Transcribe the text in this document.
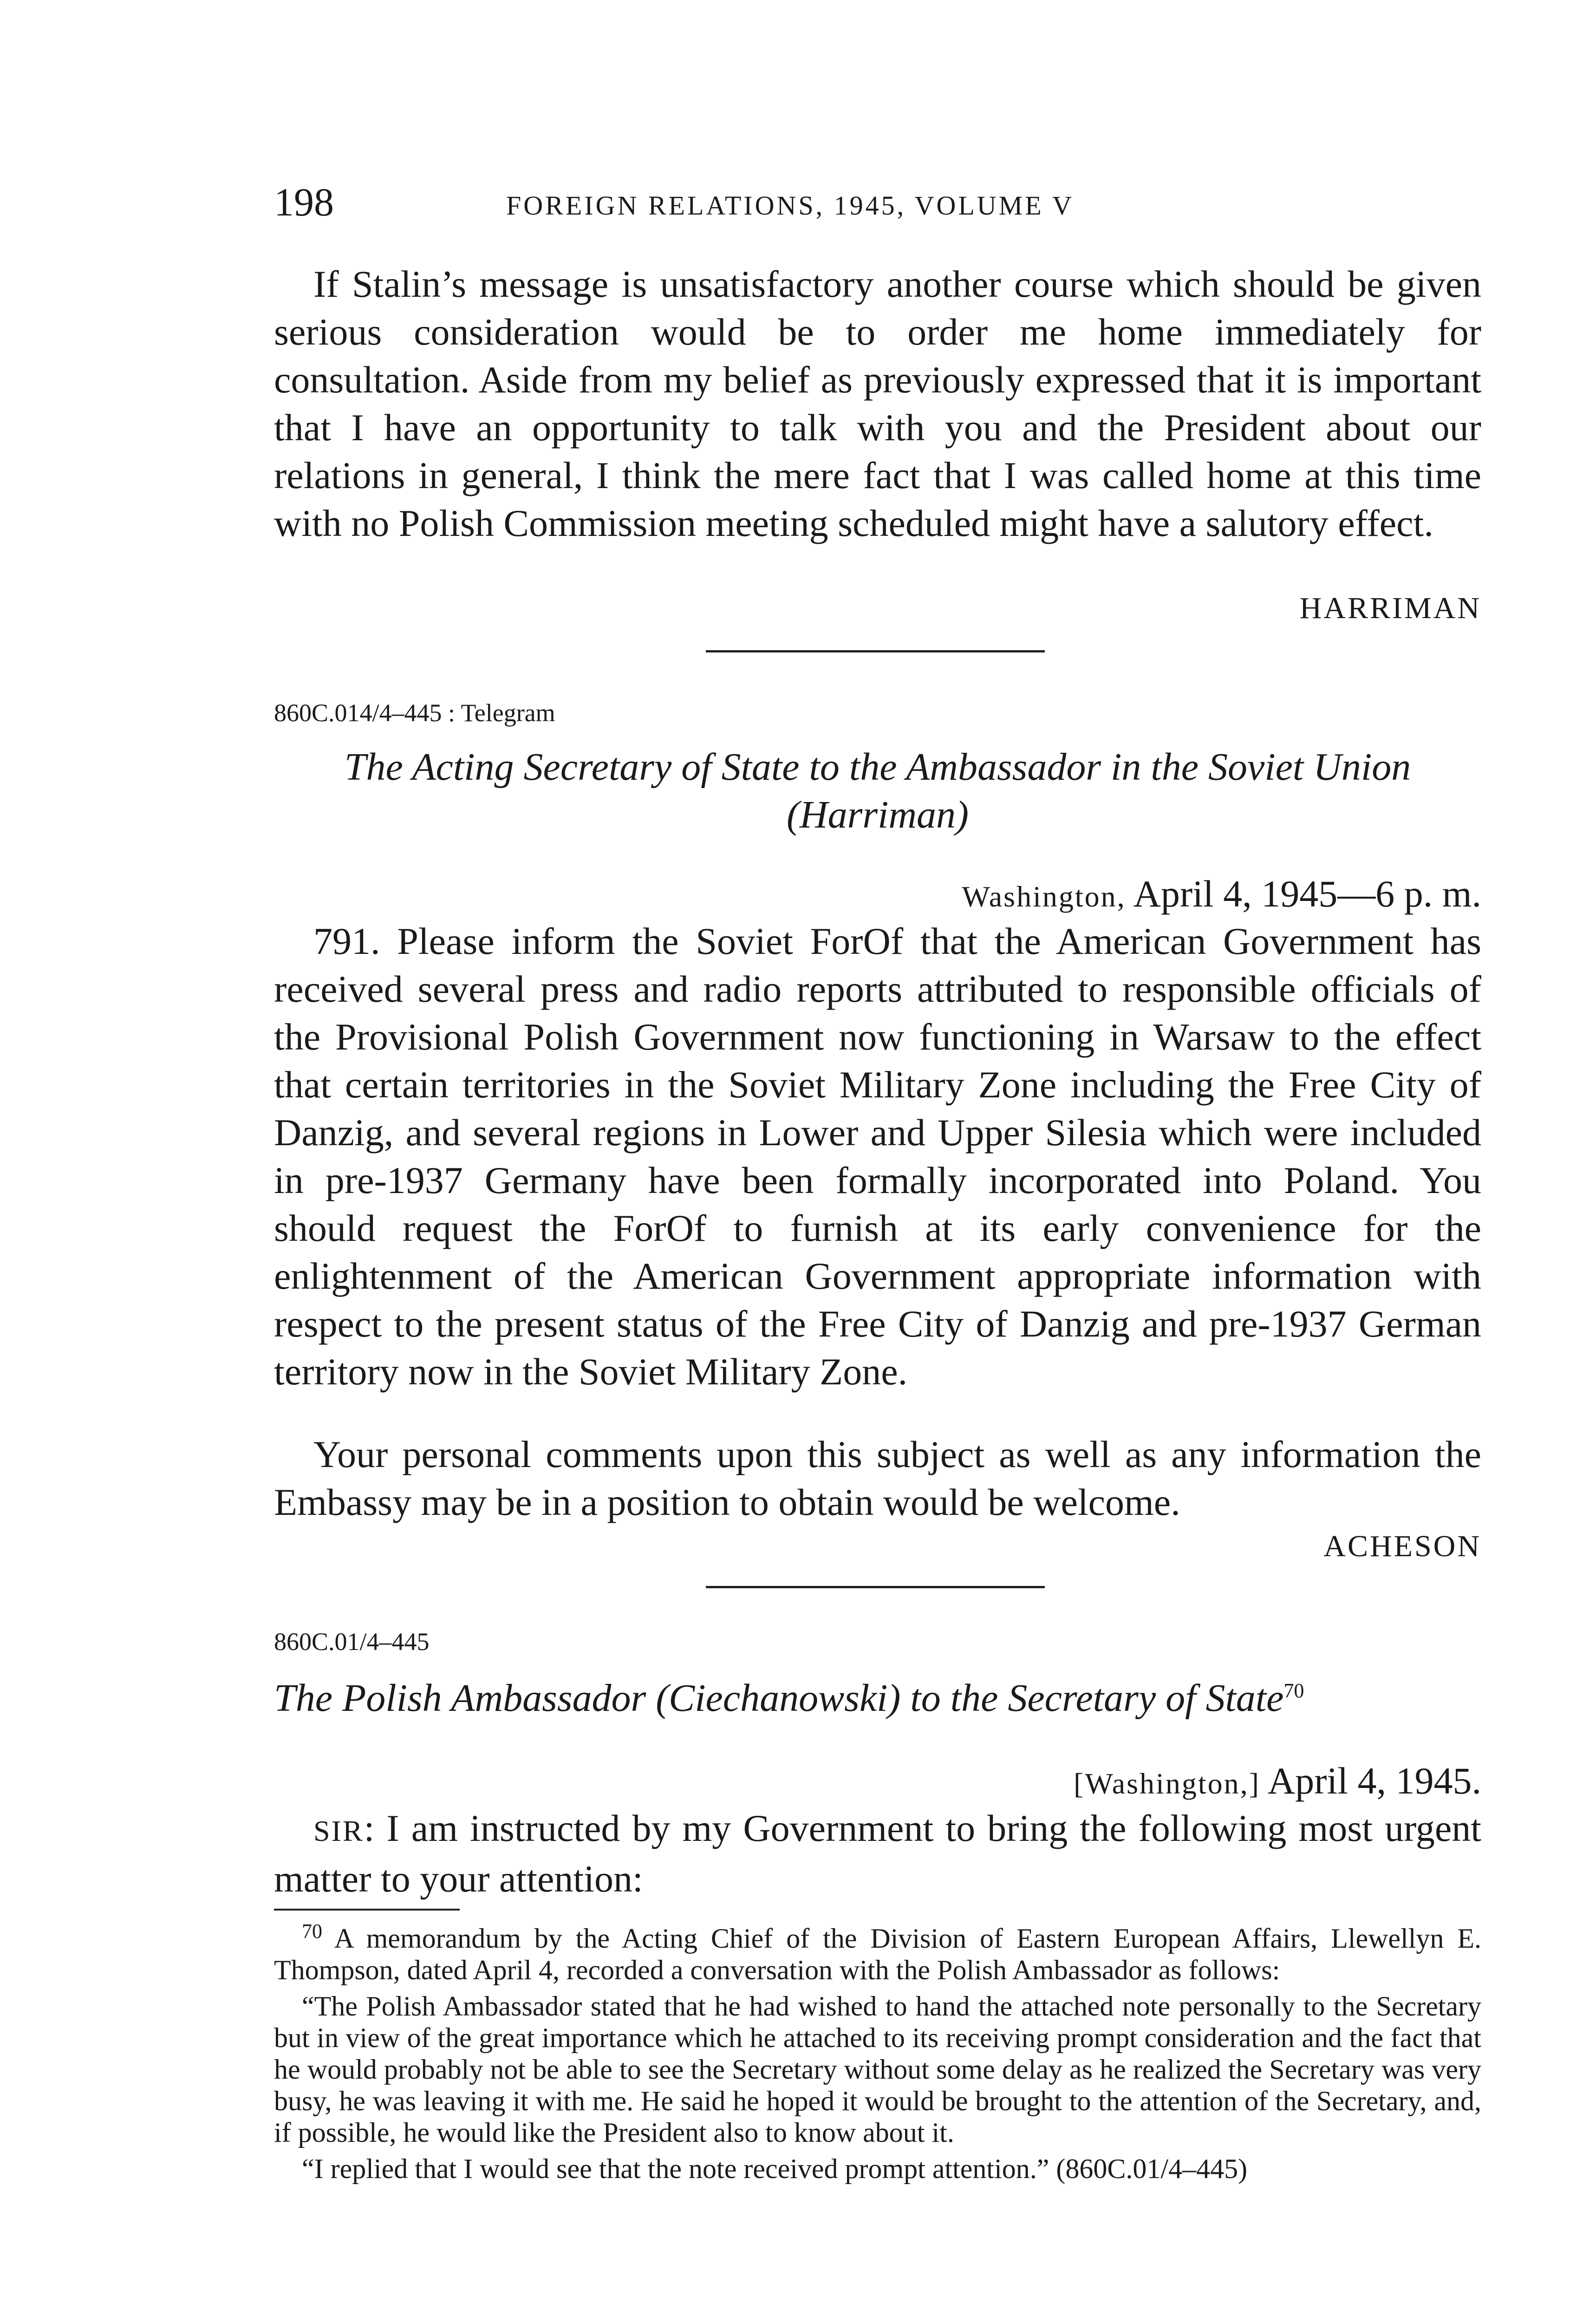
198	FOREIGN RELATIONS, 1945, VOLUME V

If Stalin’s message is unsatisfactory another course which should be given serious consideration would be to order me home immediately for consultation. Aside from my belief as previously expressed that it is important that I have an opportunity to talk with you and the President about our relations in general, I think the mere fact that I was called home at this time with no Polish Commission meeting scheduled might have a salutory effect.

HARRIMAN
860C.014/4–445 : Telegram
The Acting Secretary of State to the Ambassador in the Soviet Union
(Harriman)
Washington, April 4, 1945—6 p. m.

791. Please inform the Soviet ForOf that the American Government has received several press and radio reports attributed to responsible officials of the Provisional Polish Government now functioning in Warsaw to the effect that certain territories in the Soviet Military Zone including the Free City of Danzig, and several regions in Lower and Upper Silesia which were included in pre-1937 Germany have been formally incorporated into Poland. You should request the ForOf to furnish at its early convenience for the enlightenment of the American Government appropriate information with respect to the present status of the Free City of Danzig and pre-1937 German territory now in the Soviet Military Zone.

Your personal comments upon this subject as well as any information the Embassy may be in a position to obtain would be welcome.

ACHESON
860C.01/4–445
The Polish Ambassador (Ciechanowski) to the Secretary of State$^{70}$
[Washington,] April 4, 1945.

SIR: I am instructed by my Government to bring the following most urgent matter to your attention:

$^{70}$ A memorandum by the Acting Chief of the Division of Eastern European Affairs, Llewellyn E. Thompson, dated April 4, recorded a conversation with the Polish Ambassador as follows:
“The Polish Ambassador stated that he had wished to hand the attached note personally to the Secretary but in view of the great importance which he attached to its receiving prompt consideration and the fact that he would probably not be able to see the Secretary without some delay as he realized the Secretary was very busy, he was leaving it with me. He said he hoped it would be brought to the attention of the Secretary, and, if possible, he would like the President also to know about it.
“I replied that I would see that the note received prompt attention.” (860C.01/4–445)
